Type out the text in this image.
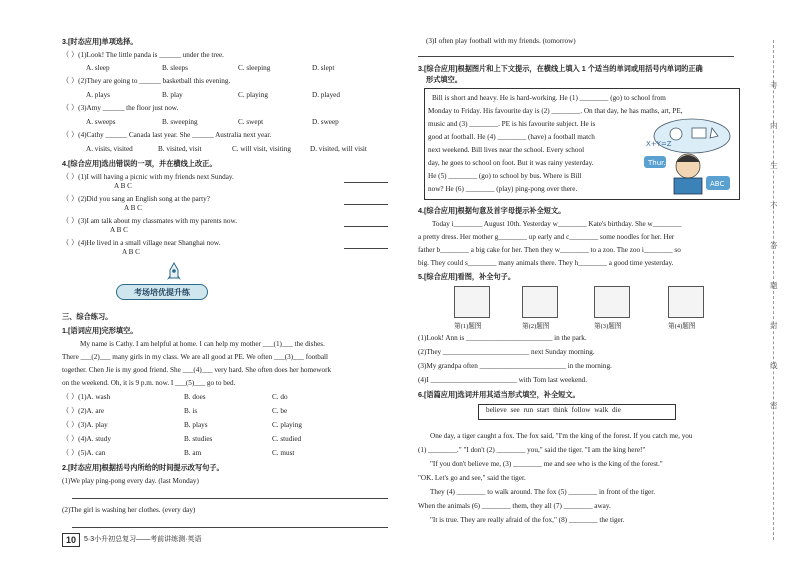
3.[时态应用]单项选择。
（ ）(1)Look! The little panda is ______ under the tree.
A. sleep	B. sleeps	C. sleeping	D. slept
（ ）(2)They are going to ______ basketball this evening.
A. plays	B. play	C. playing	D. played
（ ）(3)Amy ______ the floor just now.
A. sweeps	B. sweeping	C. swept	D. sweep
（ ）(4)Cathy ______ Canada last year. She ______ Australia next year.
A. visits, visited	B. visited, visit	C. will visit, visiting	D. visited, will visit
4.[综合应用]选出错误的一项，并在横线上改正。
（ ）(1)I will having a picnic with my friends next Sunday.
A B C
（ ）(2)Did you sang an English song at the party?
A B C
（ ）(3)I am talk about my classmates with my parents now.
A B C
（ ）(4)He lived in a small village near Shanghai now.
A B C
考场培优提升练
三、综合练习。
1.[语词应用]完形填空。
My name is Cathy. I am helpful at home. I can help my mother ___(1)___ the dishes.
There ___(2)___ many girls in my class. We are all good at PE. We often ___(3)___ football
together. Chen Jie is my good friend. She ___(4)___ very hard. She often does her homework
on the weekend. Oh, it is 9 p.m. now. I ___(5)___ go to bed.
（ ）(1)A. wash	B. does	C. do
（ ）(2)A. are	B. is	C. be
（ ）(3)A. play	B. plays	C. playing
（ ）(4)A. study	B. studies	C. studied
（ ）(5)A. can	B. am	C. must
2.[时态应用]根据括号内所给的时间提示改写句子。
(1)We play ping-pong every day. (last Monday)
(2)The girl is washing her clothes. (every day)
10	5·3小升初总复习——考前讲练测·英语
(3)I often play football with my friends. (tomorrow)
3.[综合应用]根据图片和上下文提示，在横线上填入 1 个适当的单词或用括号内单词的正确
形式填空。
Bill is short and heavy. He is hard-working. He (1) ________ (go) to school from
Monday to Friday. His favourite day is (2) ________. On that day, he has maths, art, PE,
music and (3) ________. PE is his favourite subject. He is
good at football. He (4) ________ (have) a football match
next weekend. Bill lives near the school. Every school
day, he goes to school on foot. But it was rainy yesterday.
He (5) ________ (go) to school by bus. Where is Bill
now? He (6) ________ (play) ping-pong over there.
Thur.
ABC
X+Y=Z
4.[综合应用]根据句意及首字母提示补全短文。
Today i________ August 10th. Yesterday w________ Kate's birthday. She w________
a pretty dress. Her mother g________ up early and c________ some noodles for her. Her
father b________ a big cake for her. Then they w________ to a zoo. The zoo i________ so
big. They could s________ many animals there. They h________ a good time yesterday.
5.[综合应用]看图，补全句子。
第(1)题图	第(2)题图	第(3)题图	第(4)题图
(1)Look! Ann is ________________________ in the park.
(2)They ________________________ next Sunday morning.
(3)My grandpa often ________________________ in the morning.
(4)I ________________________ with Tom last weekend.
6.[语篇应用]选词并用其适当形式填空，补全短文。
believe see run start think follow walk die
One day, a tiger caught a fox. The fox said, "I'm the king of the forest. If you catch me, you
(1) ________." "I don't (2) ________ you," said the tiger. "I am the king here!"
"If you don't believe me, (3) ________ me and see who is the king of the forest."
"OK. Let's go and see," said the tiger.
They (4) ________ to walk around. The fox (5) ________ in front of the tiger.
When the animals (6) ________ them, they all (7) ________ away.
"It is true. They are really afraid of the fox," (8) ________ the tiger.
考
内
生
不
答
题
封
线
密
